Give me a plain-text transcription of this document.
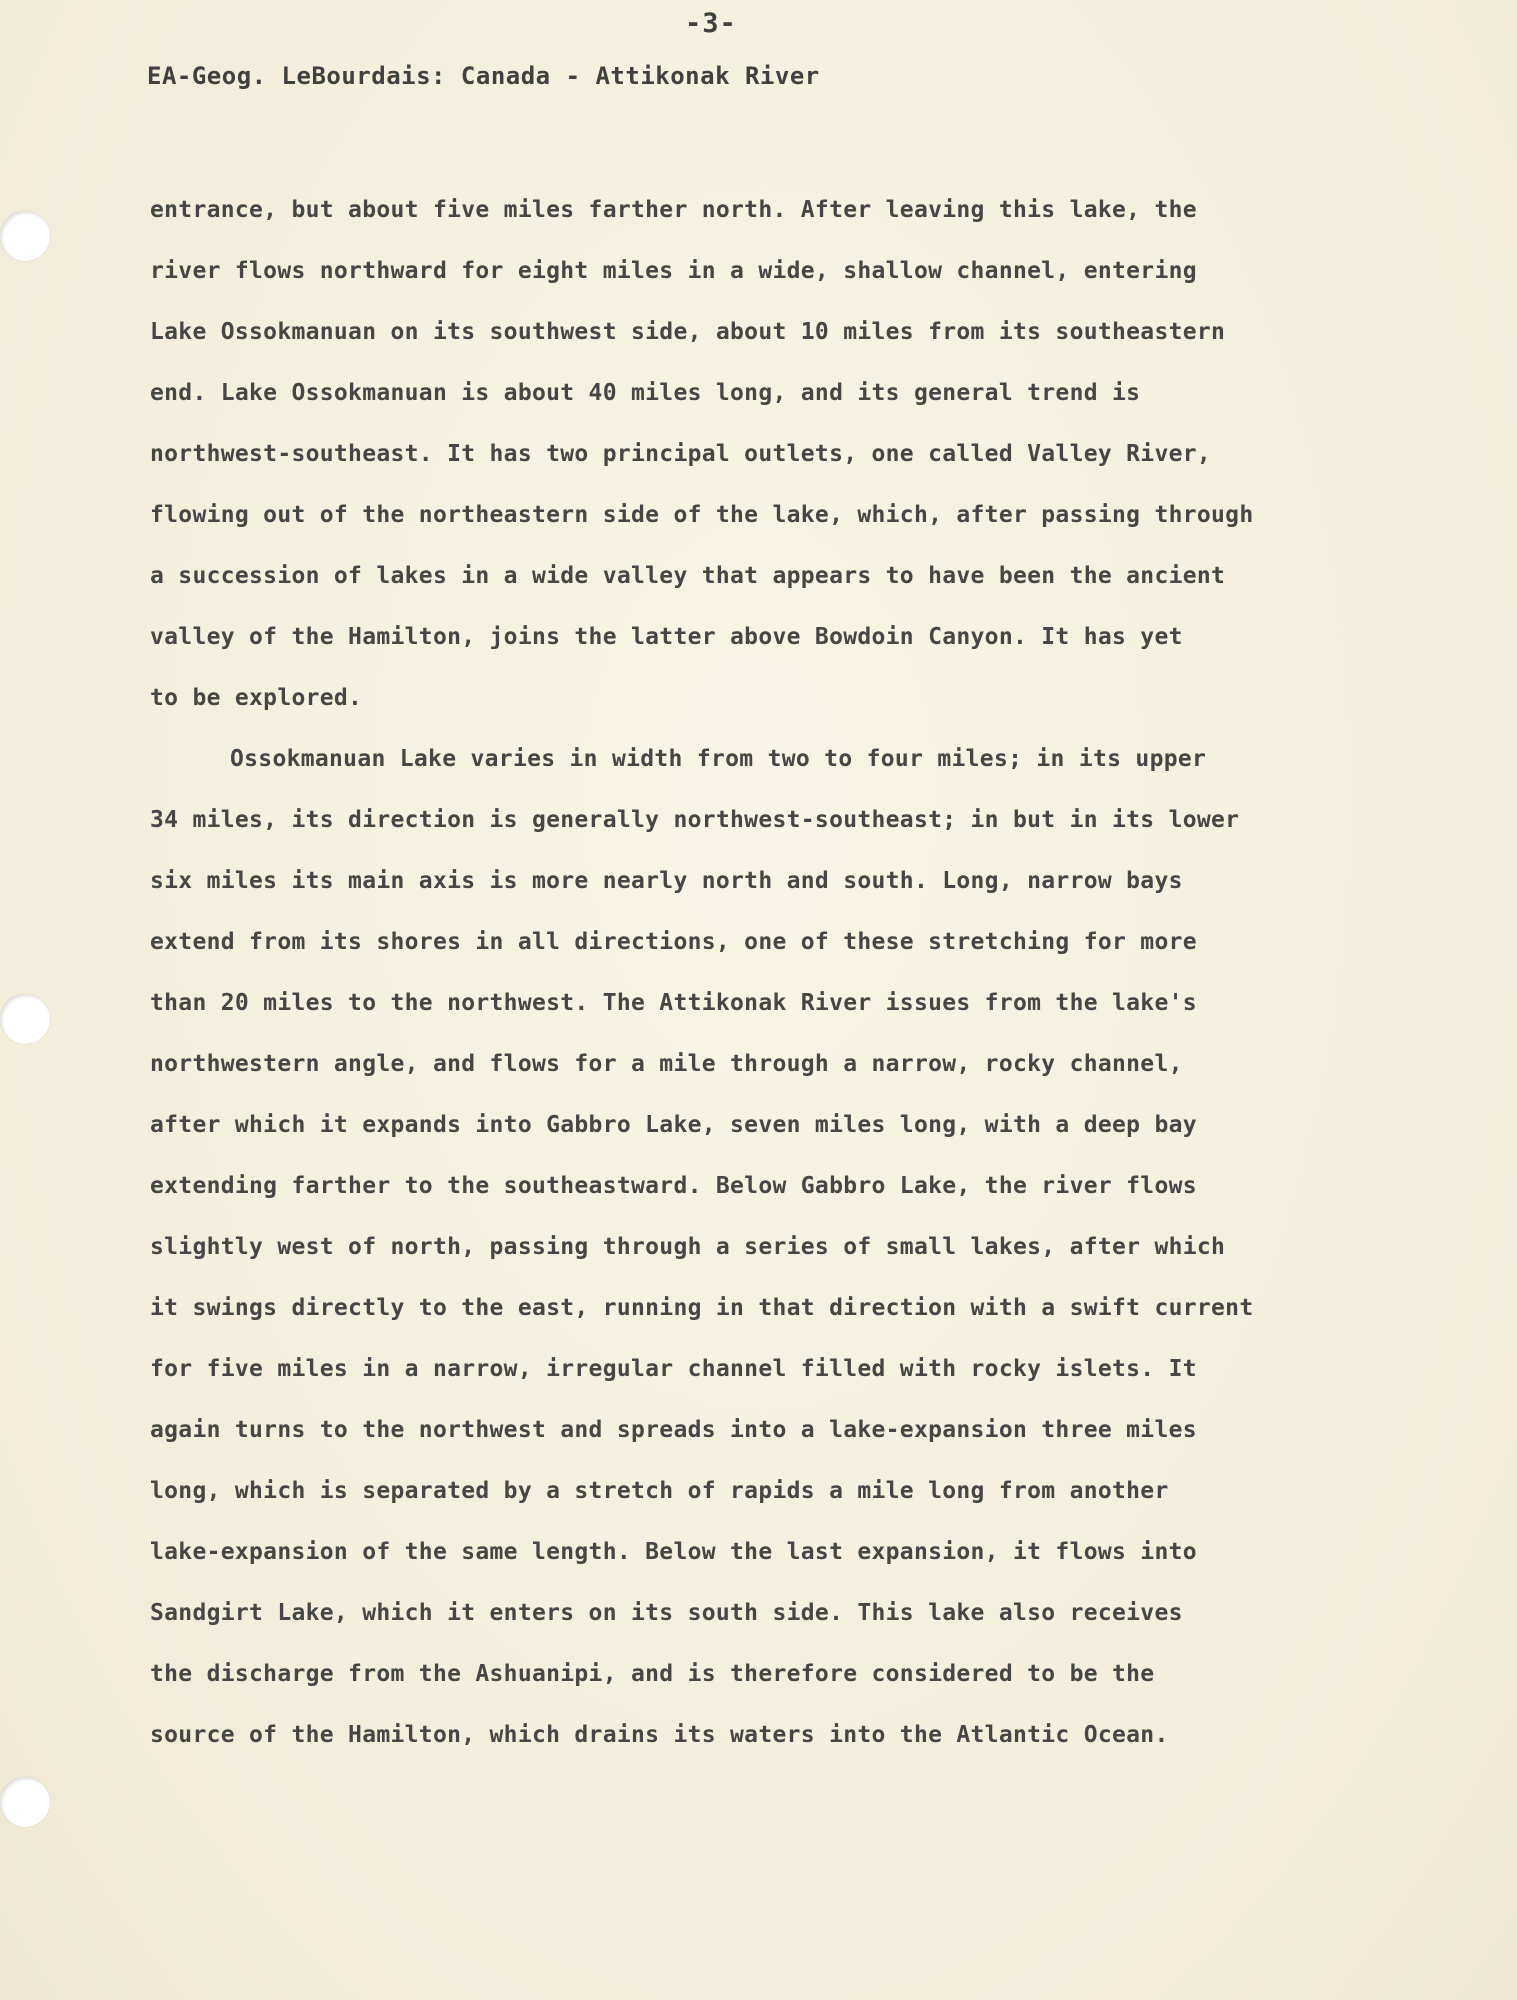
-3-
EA-Geog. LeBourdais: Canada - Attikonak River
entrance, but about five miles farther north. After leaving this lake, the
river flows northward for eight miles in a wide, shallow channel, entering
Lake Ossokmanuan on its southwest side, about 10 miles from its southeastern
end. Lake Ossokmanuan is about 40 miles long, and its general trend is
northwest-southeast. It has two principal outlets, one called Valley River,
flowing out of the northeastern side of the lake, which, after passing through
a succession of lakes in a wide valley that appears to have been the ancient
valley of the Hamilton, joins the latter above Bowdoin Canyon. It has yet
to be explored.
Ossokmanuan Lake varies in width from two to four miles; in its upper
34 miles, its direction is generally northwest-southeast; in but in its lower
six miles its main axis is more nearly north and south. Long, narrow bays
extend from its shores in all directions, one of these stretching for more
than 20 miles to the northwest. The Attikonak River issues from the lake's
northwestern angle, and flows for a mile through a narrow, rocky channel,
after which it expands into Gabbro Lake, seven miles long, with a deep bay
extending farther to the southeastward. Below Gabbro Lake, the river flows
slightly west of north, passing through a series of small lakes, after which
it swings directly to the east, running in that direction with a swift current
for five miles in a narrow, irregular channel filled with rocky islets. It
again turns to the northwest and spreads into a lake-expansion three miles
long, which is separated by a stretch of rapids a mile long from another
lake-expansion of the same length. Below the last expansion, it flows into
Sandgirt Lake, which it enters on its south side. This lake also receives
the discharge from the Ashuanipi, and is therefore considered to be the
source of the Hamilton, which drains its waters into the Atlantic Ocean.
